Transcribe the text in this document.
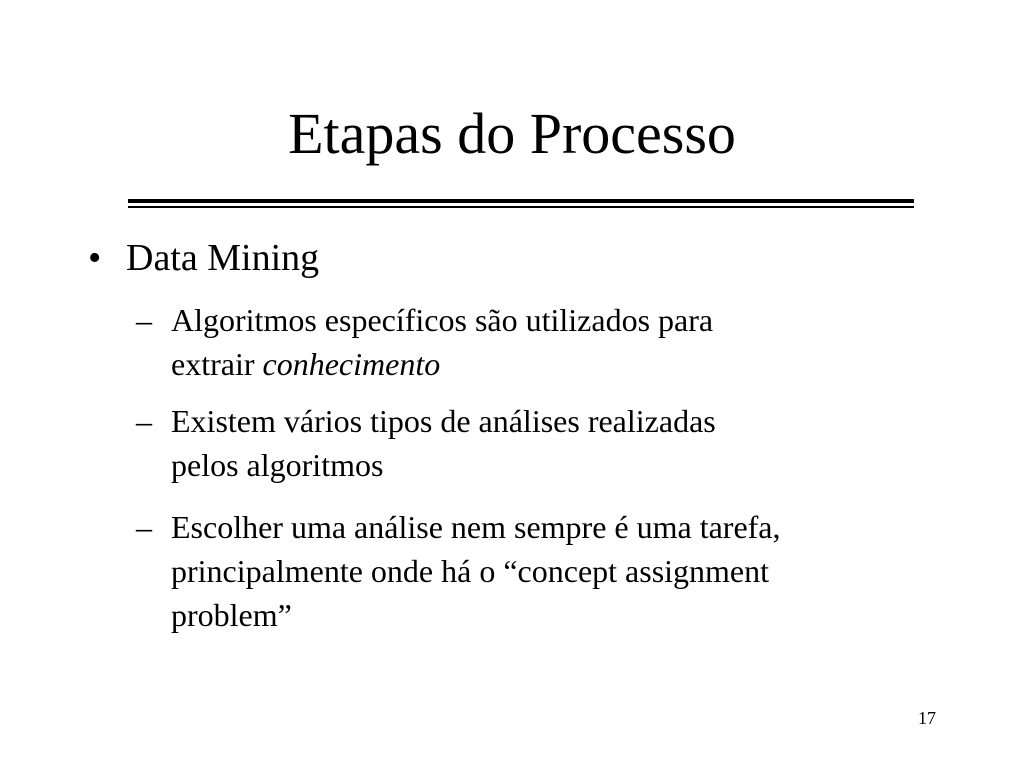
Etapas do Processo
• Data Mining
– Algoritmos específicos são utilizados para
extrair conhecimento
– Existem vários tipos de análises realizadas
pelos algoritmos
– Escolher uma análise nem sempre é uma tarefa,
principalmente onde há o “concept assignment
problem”
17
